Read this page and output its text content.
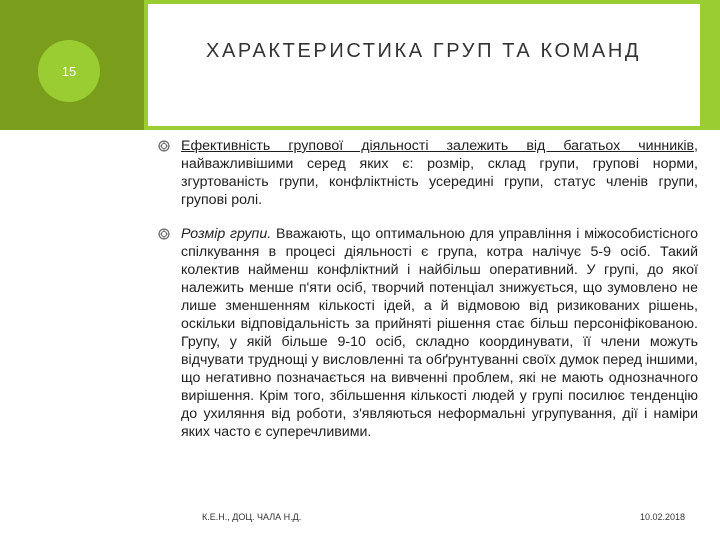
15
ХАРАКТЕРИСТИКА ГРУП ТА КОМАНД
Ефективність групової діяльності залежить від багатьох чинників, найважливішими серед яких є: розмір, склад групи, групові норми, згуртованість групи, конфліктність усередині групи, статус членів групи, групові ролі.
Розмір групи. Вважають, що оптимальною для управління і міжособистісного спілкування в процесі діяльності є група, котра налічує 5-9 осіб. Такий колектив найменш конфліктний і найбільш оперативний. У групі, до якої належить менше п'яти осіб, творчий потенціал знижується, що зумовлено не лише зменшенням кількості ідей, а й відмовою від ризикованих рішень, оскільки відповідальність за прийняті рішення стає більш персоніфікованою. Групу, у якій більше 9-10 осіб, складно координувати, її члени можуть відчувати труднощі у висловленні та обґрунтуванні своїх думок перед іншими, що негативно позначається на вивченні проблем, які не мають однозначного вирішення. Крім того, збільшення кількості людей у групі посилює тенденцію до ухиляння від роботи, з'являються неформальні угрупування, дії і наміри яких часто є суперечливими.
К.Е.Н., ДОЦ. ЧАЛА Н.Д.	10.02.2018
